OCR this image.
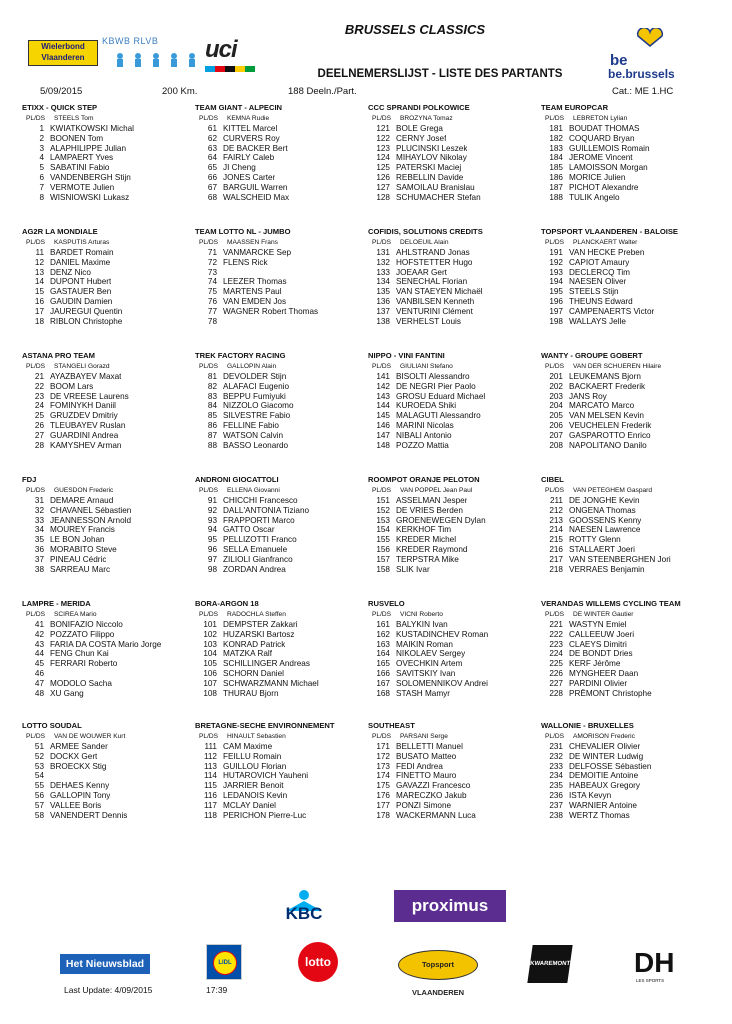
Wielerbond Vlaanderen
KBWB RLVB uci
BRUSSELS CLASSICS
DEELNEMERSLIJST - LISTE DES PARTANTS
be
be.brussels
5/09/2015	200 Km.	188 Deeln./Part.	Cat.: ME 1.HC
ETIXX - QUICK STEP
PL/DS	STEELS Tom
1 KWIATKOWSKI Michal
2 BOONEN Tom
3 ALAPHILIPPE Julian
4 LAMPAERT Yves
5 SABATINI Fabio
6 VANDENBERGH Stijn
7 VERMOTE Julien
8 WISNIOWSKI Lukasz
TEAM GIANT - ALPECIN
PL/DS	KEMNA Rudie
61 KITTEL Marcel
62 CURVERS Roy
63 DE BACKER Bert
64 FAIRLY Caleb
65 JI Cheng
66 JONES Carter
67 BARGUIL Warren
68 WALSCHEID Max
CCC SPRANDI POLKOWICE
PL/DS	BROZYNA Tomaz
121 BOLE Grega
122 CERNY Josef
123 PLUCINSKI Leszek
124 MIHAYLOV Nikolay
125 PATERSKI Maciej
126 REBELLIN Davide
127 SAMOILAU Branislau
128 SCHUMACHER Stefan
TEAM EUROPCAR
PL/DS	LEBRETON Lylian
181 BOUDAT THOMAS
182 COQUARD Bryan
183 GUILLEMOIS Romain
184 JEROME Vincent
185 LAMOISSON Morgan
186 MORICE Julien
187 PICHOT Alexandre
188 TULIK Angelo
AG2R LA MONDIALE
PL/DS	KASPUTIS Arturas
11 BARDET Romain
12 DANIEL Maxime
13 DENZ Nico
14 DUPONT Hubert
15 GASTAUER Ben
16 GAUDIN Damien
17 JAUREGUI Quentin
18 RIBLON Christophe
TEAM LOTTO NL - JUMBO
PL/DS	MAASSEN Frans
71 VANMARCKE Sep
72 FLENS Rick
73
74 LEEZER Thomas
75 MARTENS Paul
76 VAN EMDEN Jos
77 WAGNER Robert Thomas
78
COFIDIS, SOLUTIONS CREDITS
PL/DS	DELOEUIL Alain
131 AHLSTRAND Jonas
132 HOFSTETTER Hugo
133 JOEAAR Gert
134 SENECHAL Florian
135 VAN STAEYEN Michaël
136 VANBILSEN Kenneth
137 VENTURINI Clément
138 VERHELST Louis
TOPSPORT VLAANDEREN - BALOISE
PL/DS	PLANCKAERT Walter
191 VAN HECKE Preben
192 CAPIOT Amaury
193 DECLERCQ Tim
194 NAESEN Oliver
195 STEELS Stijn
196 THEUNS Edward
197 CAMPENAERTS Victor
198 WALLAYS Jelle
ASTANA PRO TEAM
PL/DS	STANGELI Gorazd
21 AYAZBAYEV Maxat
22 BOOM Lars
23 DE VREESE Laurens
24 FOMINYKH Daniil
25 GRUZDEV Dmitriy
26 TLEUBAYEV Ruslan
27 GUARDINI Andrea
28 KAMYSHEV Arman
TREK FACTORY RACING
PL/DS	GALLOPIN Alain
81 DEVOLDER Stijn
82 ALAFACI Eugenio
83 BEPPU Fumiyuki
84 NIZZOLO Giacomo
85 SILVESTRE Fabio
86 FELLINE Fabio
87 WATSON Calvin
88 BASSO Leonardo
NIPPO - VINI FANTINI
PL/DS	GIULIANI Stefano
141 BISOLTI Alessandro
142 DE NEGRI Pier Paolo
143 GROSU Eduard Michael
144 KUROEDA Shiki
145 MALAGUTI Alessandro
146 MARINI Nicolas
147 NIBALI Antonio
148 POZZO Mattia
WANTY - GROUPE GOBERT
PL/DS	VAN DER SCHUEREN Hilaire
201 LEUKEMANS Bjorn
202 BACKAERT Frederik
203 JANS Roy
204 MARCATO Marco
205 VAN MELSEN Kevin
206 VEUCHELEN Frederik
207 GASPAROTTO Enrico
208 NAPOLITANO Danilo
FDJ
PL/DS	GUESDON Frederic
31 DEMARE Arnaud
32 CHAVANEL Sébastien
33 JEANNESSON Arnold
34 MOUREY Francis
35 LE BON Johan
36 MORABITO Steve
37 PINEAU Cédric
38 SARREAU Marc
ANDRONI GIOCATTOLI
PL/DS	ELLENA Giovanni
91 CHICCHI Francesco
92 DALL'ANTONIA Tiziano
93 FRAPPORTI Marco
94 GATTO Oscar
95 PELLIZOTTI Franco
96 SELLA Emanuele
97 ZILIOLI Gianfranco
98 ZORDAN Andrea
ROOMPOT ORANJE PELOTON
PL/DS	VAN POPPEL Jean Paul
151 ASSELMAN Jesper
152 DE VRIES Berden
153 GROENEWEGEN Dylan
154 KERKHOF Tim
155 KREDER Michel
156 KREDER Raymond
157 TERPSTRA Mike
158 SLIK Ivar
CIBEL
PL/DS	VAN PETEGHEM Gaspard
211 DE JONGHE Kevin
212 ONGENA Thomas
213 GOOSSENS Kenny
214 NAESEN Lawrence
215 ROTTY Glenn
216 STALLAERT Joeri
217 VAN STEENBERGHEN Jori
218 VERRAES Benjamin
LAMPRE - MERIDA
PL/DS	SCIREA Mario
41 BONIFAZIO Niccolo
42 POZZATO Filippo
43 FARIA DA COSTA Mario Jorge
44 FENG Chun Kai
45 FERRARI Roberto
46
47 MODOLO Sacha
48 XU Gang
BORA-ARGON 18
PL/DS	RADOCHLA Steffen
101 DEMPSTER Zakkari
102 HUZARSKI Bartosz
103 KONRAD Patrick
104 MATZKA Ralf
105 SCHILLINGER Andreas
106 SCHORN Daniel
107 SCHWARZMANN Michael
108 THURAU Bjorn
RUSVELO
PL/DS	VICNI Roberto
161 BALYKIN Ivan
162 KUSTADINCHEV Roman
163 MAIKIN Roman
164 NIKOLAEV Sergey
165 OVECHKIN Artem
166 SAVITSKIY Ivan
167 SOLOMENNIKOV Andrei
168 STASH Mamyr
VERANDAS WILLEMS CYCLING TEAM
PL/DS	DE WINTER Gautier
221 WASTYN Emiel
222 CALLEEUW Joeri
223 CLAEYS Dimitri
224 DE BONDT Dries
225 KERF Jérôme
226 MYNGHEER Daan
227 PARDINI Olivier
228 PRÊMONT Christophe
LOTTO SOUDAL
PL/DS	VAN DE WOUWER Kurt
51 ARMEE Sander
52 DOCKX Gert
53 BROECKX Stig
54
55 DEHAES Kenny
56 GALLOPIN Tony
57 VALLEE Boris
58 VANENDERT Dennis
BRETAGNE-SECHE ENVIRONNEMENT
PL/DS	HINAULT Sebastien
111 CAM Maxime
112 FEILLU Romain
113 GUILLOU Florian
114 HUTAROVICH Yauheni
115 JARRIER Benoit
116 LEDANOIS Kevin
117 MCLAY Daniel
118 PERICHON Pierre-Luc
SOUTHEAST
PL/DS	PARSANI Serge
171 BELLETTI Manuel
172 BUSATO Matteo
173 FEDI Andrea
174 FINETTO Mauro
175 GAVAZZI Francesco
176 MARECZKO Jakub
177 PONZI Simone
178 WACKERMANN Luca
WALLONIE - BRUXELLES
PL/DS	AMORISON Frederic
231 CHEVALIER Olivier
232 DE WINTER Ludwig
233 DELFOSSE Sébastien
234 DEMOITIE Antoine
235 HABEAUX Gregory
236 ISTA Kevyn
237 WARNIER Antoine
238 WERTZ Thomas
KBC	proximus
Het Nieuwsblad	LIDL	lotto	Topsport VLAANDEREN
KWAREMONT DH
LES SPORTS
Last Update: 4/09/2015	17:39
